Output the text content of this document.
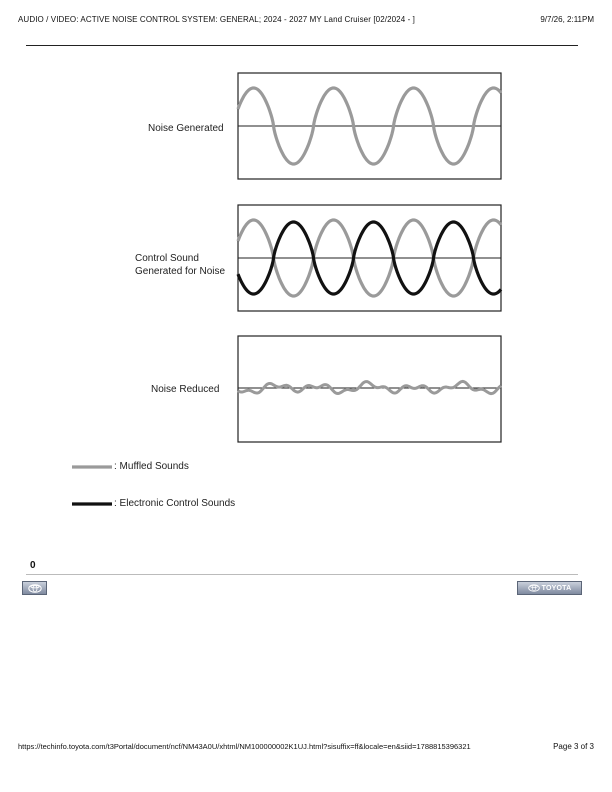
AUDIO / VIDEO: ACTIVE NOISE CONTROL SYSTEM: GENERAL; 2024 - 2027 MY Land Cruiser [02/2024 - ]	9/7/26, 2:11PM
Noise Generated
Control Sound
Generated for Noise
Noise Reduced
: Muffled Sounds
: Electronic Control Sounds
0
TOYOTA
https://techinfo.toyota.com/t3Portal/document/ncf/NM43A0U/xhtml/NM100000002K1UJ.html?sisuffix=ff&locale=en&siid=1788815396321	Page 3 of 3
